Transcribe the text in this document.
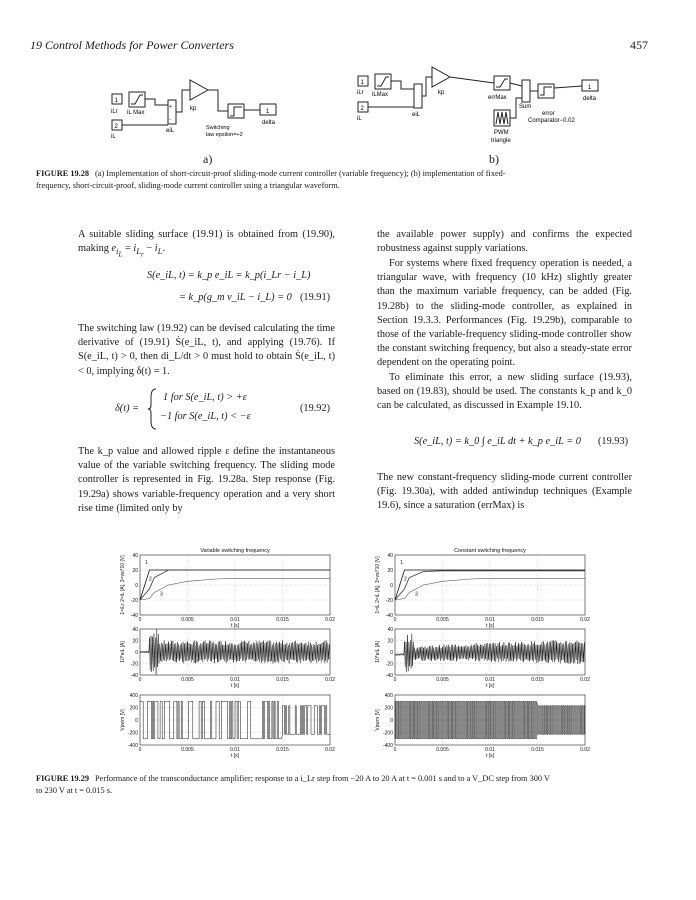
19 Control Methods for Power Converters	457
1
iLr iL Max
2
iL
+
-
eiL
kp	1
delta
Switching
law epsilon=+2
a)
1
iLr iLMax
2
iL
eiL
kp
errMax
Sum
error
Comparator−0.02
1
delta
PWM
triangle
b)
FIGURE 19.28 (a) Implementation of short-circuit-proof sliding-mode current controller (variable frequency); (b) implementation of fixed-
frequency, short-circuit-proof, sliding-mode current controller using a triangular waveform.

A suitable sliding surface (19.91) is obtained from (19.90), making $e_{i_L} = i_{L_r} - i_L$.

S(e_iL, t) = k_p e_iL = k_p(i_Lr − i_L)
= k_p(g_m v_iL − i_L) = 0 (19.91)
The switching law (19.92) can be devised calculating the time derivative of (19.91) Ṡ(e_iL, t), and applying (19.76). If S(e_iL, t) > 0, then di_L/dt > 0 must hold to obtain Ṡ(e_iL, t) < 0, implying δ(t) = 1.
δ(t) =
1 for S(e_iL, t) > +ε
−1 for S(e_iL, t) < −ε
(19.92)
The k_p value and allowed ripple ε define the instantaneous value of the variable switching frequency. The sliding mode controller is represented in Fig. 19.28a. Step response (Fig. 19.29a) shows variable-frequency operation and a very short rise time (limited only by
the available power supply) and confirms the expected robustness against supply variations.
For systems where fixed frequency operation is needed, a triangular wave, with frequency (10 kHz) slightly greater than the maximum variable frequency, can be added (Fig. 19.28b) to the sliding-mode controller, as explained in Section 19.3.3. Performances (Fig. 19.29b), comparable to those of the variable-frequency sliding-mode controller show the constant switching frequency, but also a steady-state error dependent on the operating point.
To eliminate this error, a new sliding surface (19.93), based on (19.83), should be used. The constants k_p and k_0 can be calculated, as discussed in Example 19.10.
S(e_iL, t) = k_0 ∫ e_iL dt + k_p e_iL = 0 (19.93)
The new constant-frequency sliding-mode current controller (Fig. 19.30a), with added antiwindup techniques (Example 19.6), since a saturation (errMax) is
40
20
0
-20
-40
0	0.005	0.01	0.015	0.02
t [s]
1=iLr 2=iL [A], 3=vsi*10 [V]
Variable switching frequency
1
2
3
40
20
0
-20
-40
0	0.005	0.01	0.015	0.02
t [s]
10*eiL [A]
400
200
0
-200
-400
0	0.005	0.01	0.015	0.02
t [s]
Vpwm [V]
40
20
0
-20
-40
0	0.005	0.01	0.015	0.02
t [s]
1=iL 2=iL [A], 3=vsi*10 [V]
Constant switching frequency
1
2
3
40
20
0
-20
-40
0	0.005	0.01	0.015	0.02
t [s]
10*eiL [A]
400
200
0
-200
-400
0	0.005	0.01	0.015	0.02
t [s]
Vpwm [V]
FIGURE 19.29 Performance of the transconductance amplifier; response to a i_Lr step from −20 A to 20 A at t = 0.001 s and to a V_DC step from 300 V
to 230 V at t = 0.015 s.
